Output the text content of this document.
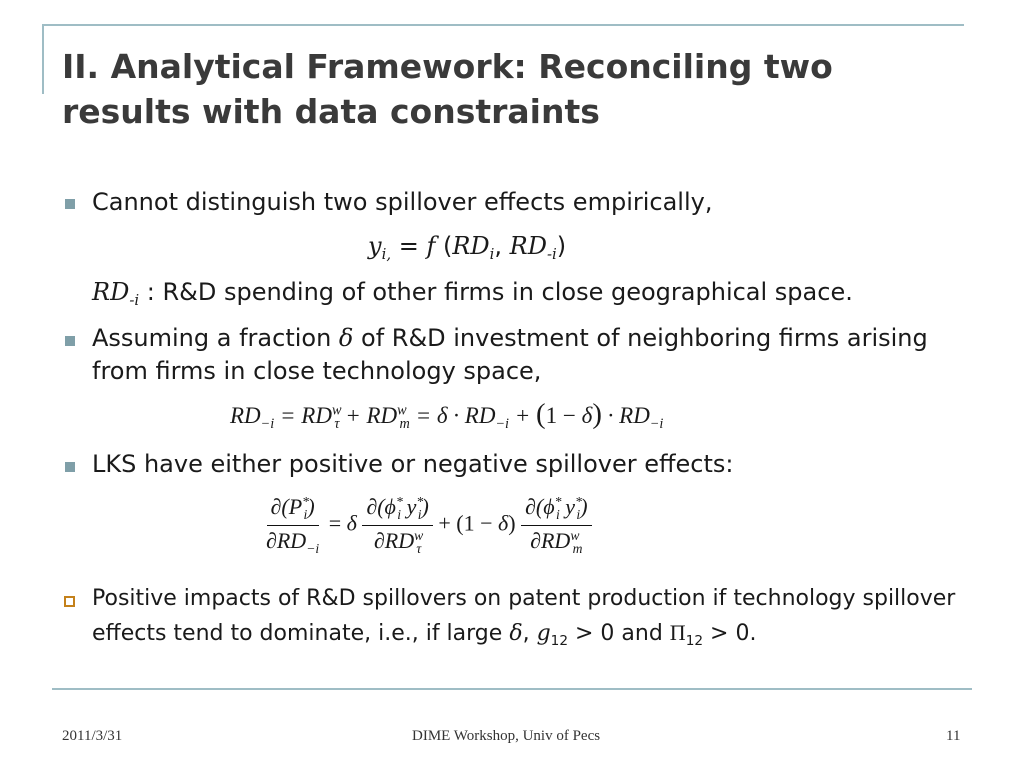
II. Analytical Framework: Reconciling two
results with data constraints
Cannot distinguish two spillover effects empirically,
$y_{i,} = f$ ($RD_i$, $RD_{-i}$)
$RD_{-i}$ : R&D spending of other firms in close geographical space.
Assuming a fraction δ of R&D investment of neighboring firms arising from firms in close technology space,
$RD_{-i} = RD^w_\tau + RD^w_m = \delta \cdot RD_{-i} + (1 - \delta) \cdot RD_{-i}$
LKS have either positive or negative spillover effects:
$\frac{\partial(P^*_i)}{\partial RD_{-i}} = \delta \frac{\partial(\phi^*_i y^*_i)}{\partial RD^w_\tau} + (1 - \delta) \frac{\partial(\phi^*_i y^*_i)}{\partial RD^w_m}$
Positive impacts of R&D spillovers on patent production if technology spillover effects tend to dominate, i.e., if large δ, $g_{12} > 0$ and $\Pi_{12} > 0$.
2011/3/31	DIME Workshop, Univ of Pecs	11
